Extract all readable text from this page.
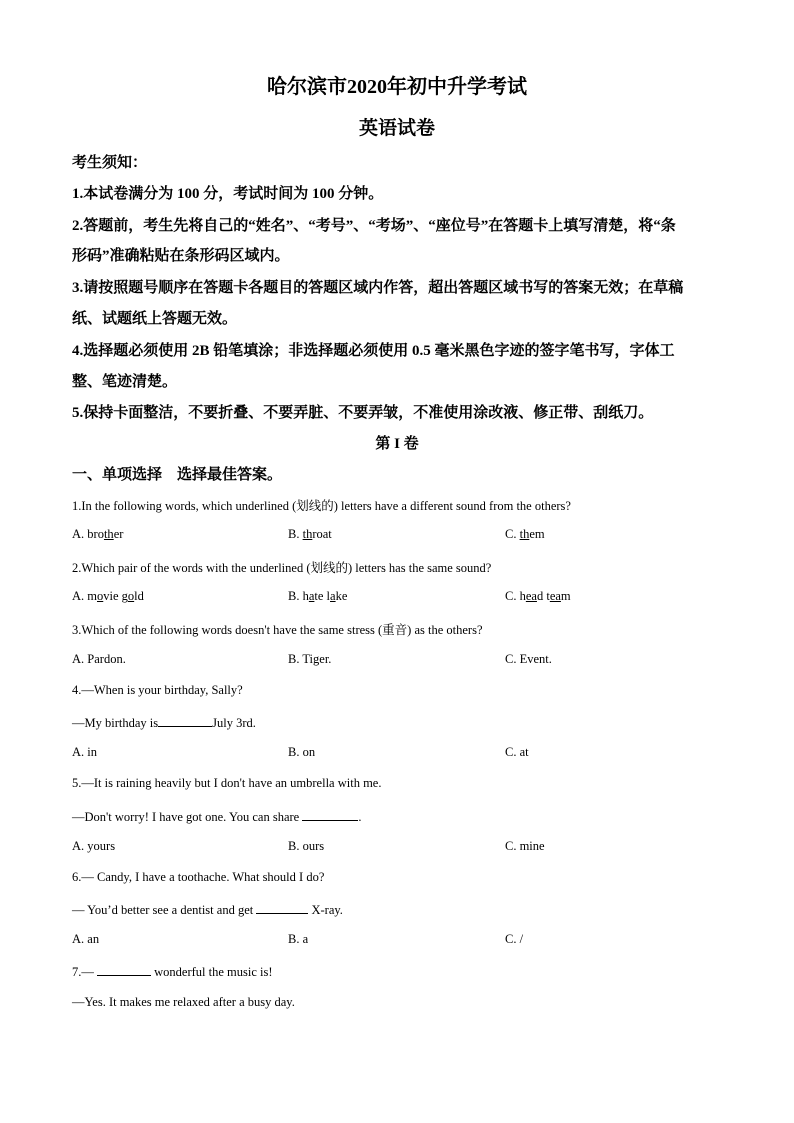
哈尔滨市2020年初中升学考试
英语试卷
考生须知：
1.本试卷满分为 100 分，考试时间为 100 分钟。
2.答题前，考生先将自己的“姓名”、“考号”、“考场”、“座位号”在答题卡上填写清楚，将“条
形码”准确粘贴在条形码区域内。
3.请按照题号顺序在答题卡各题目的答题区域内作答，超出答题区域书写的答案无效；在草稿
纸、试题纸上答题无效。
4.选择题必须使用 2B 铅笔填涂；非选择题必须使用 0.5 毫米黑色字迹的签字笔书写，字体工
整、笔迹清楚。
5.保持卡面整洁，不要折叠、不要弄脏、不要弄皱，不准使用涂改液、修正带、刮纸刀。
第 I 卷
一、单项选择　选择最佳答案。
1.In the following words, which underlined (划线的) letters have a different sound from the others?
A. brother	B. throat	C. them
2.Which pair of the words with the underlined (划线的) letters has the same sound?
A. movie gold	B. hate lake	C. head team
3.Which of the following words doesn't have the same stress (重音) as the others?
A. Pardon.	B. Tiger.	C. Event.
4.—When is your birthday, Sally?
—My birthday is	July 3rd.
A. in	B. on	C. at
5.—It is raining heavily but I don't have an umbrella with me.
—Don't worry! I have got one. You can share	.
A. yours	B. ours	C. mine
6.— Candy, I have a toothache. What should I do?
— You’d better see a dentist and get	X-ray.
A. an	B. a	C. /
7.—	wonderful the music is!
—Yes. It makes me relaxed after a busy day.
